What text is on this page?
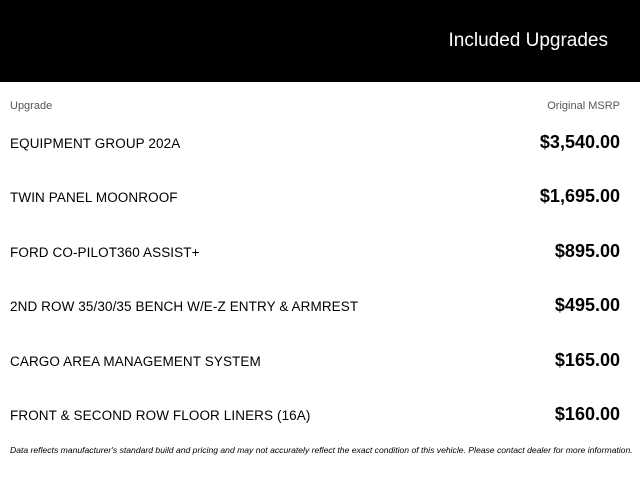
Included Upgrades
Upgrade	Original MSRP
EQUIPMENT GROUP 202A	$3,540.00
TWIN PANEL MOONROOF	$1,695.00
FORD CO-PILOT360 ASSIST+	$895.00
2ND ROW 35/30/35 BENCH W/E-Z ENTRY & ARMREST	$495.00
CARGO AREA MANAGEMENT SYSTEM	$165.00
FRONT & SECOND ROW FLOOR LINERS (16A)	$160.00
Data reflects manufacturer's standard build and pricing and may not accurately reflect the exact condition of this vehicle. Please contact dealer for more information.
